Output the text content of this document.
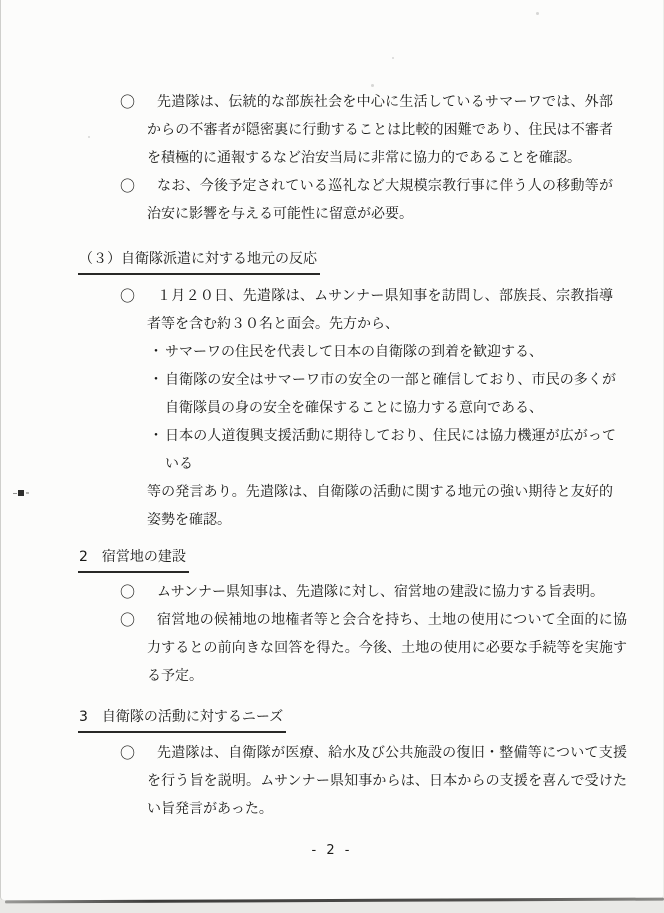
〇	先遣隊は、伝統的な部族社会を中心に生活しているサマーワでは、外部からの不審者が隠密裏に行動することは比較的困難であり、住民は不審者を積極的に通報するなど治安当局に非常に協力的であることを確認。

〇	なお、今後予定されている巡礼など大規模宗教行事に伴う人の移動等が治安に影響を与える可能性に留意が必要。

（３）自衛隊派遣に対する地元の反応
〇	１月２０日、先遣隊は、ムサンナー県知事を訪問し、部族長、宗教指導者等を含む約３０名と面会。先方から、

・ サマーワの住民を代表して日本の自衛隊の到着を歓迎する、

・ 自衛隊の安全はサマーワ市の安全の一部と確信しており、市民の多くが自衛隊員の身の安全を確保することに協力する意向である、

・ 日本の人道復興支援活動に期待しており、住民には協力機運が広がっている

等の発言あり。先遣隊は、自衛隊の活動に関する地元の強い期待と友好的姿勢を確認。

2　宿営地の建設
〇	ムサンナー県知事は、先遣隊に対し、宿営地の建設に協力する旨表明。

〇	宿営地の候補地の地権者等と会合を持ち、土地の使用について全面的に協力するとの前向きな回答を得た。今後、土地の使用に必要な手続等を実施する予定。

3　自衛隊の活動に対するニーズ
〇	先遣隊は、自衛隊が医療、給水及び公共施設の復旧・整備等について支援を行う旨を説明。ムサンナー県知事からは、日本からの支援を喜んで受けたい旨発言があった。

- 2 -
